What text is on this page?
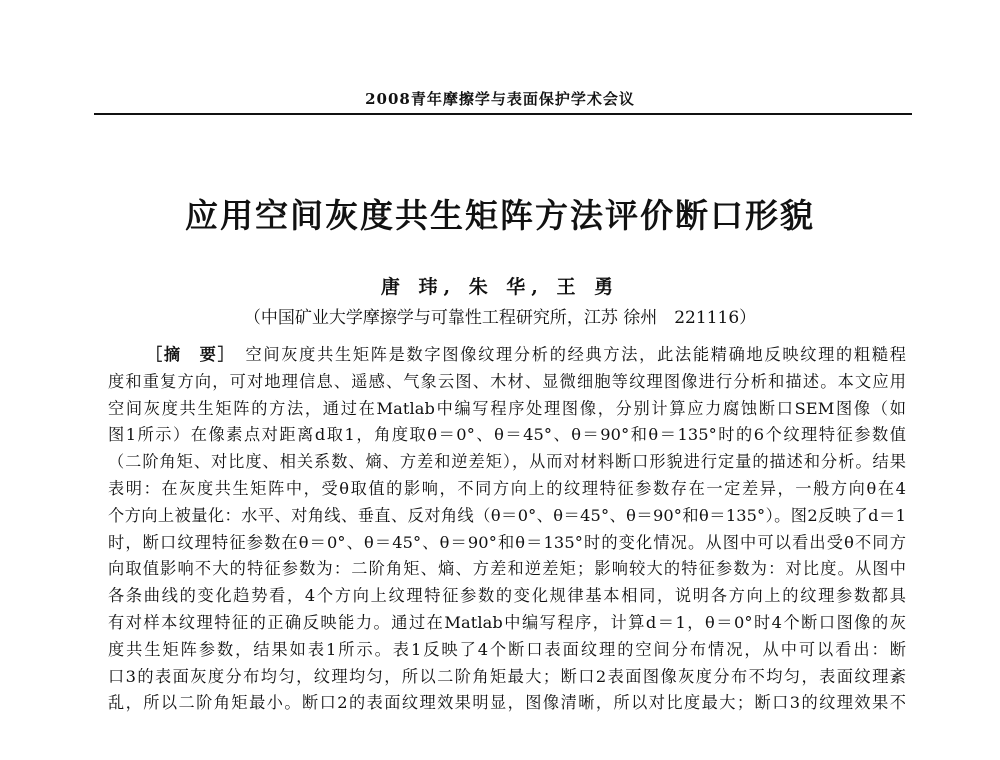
2008青年摩擦学与表面保护学术会议
应用空间灰度共生矩阵方法评价断口形貌
唐 玮, 朱 华, 王 勇
（中国矿业大学摩擦学与可靠性工程研究所，江苏 徐州　221116）
［摘　要］ 空间灰度共生矩阵是数字图像纹理分析的经典方法，此法能精确地反映纹理的粗糙程
度和重复方向，可对地理信息、遥感、气象云图、木材、显微细胞等纹理图像进行分析和描述。本文应用
空间灰度共生矩阵的方法，通过在Matlab中编写程序处理图像，分别计算应力腐蚀断口SEM图像（如
图1所示）在像素点对距离d取1，角度取θ＝0°、θ＝45°、θ＝90°和θ＝135°时的6个纹理特征参数值
（二阶角矩、对比度、相关系数、熵、方差和逆差矩），从而对材料断口形貌进行定量的描述和分析。结果
表明：在灰度共生矩阵中，受θ取值的影响，不同方向上的纹理特征参数存在一定差异，一般方向θ在4
个方向上被量化：水平、对角线、垂直、反对角线（θ＝0°、θ＝45°、θ＝90°和θ＝135°）。图2反映了d＝1
时，断口纹理特征参数在θ＝0°、θ＝45°、θ＝90°和θ＝135°时的变化情况。从图中可以看出受θ不同方
向取值影响不大的特征参数为：二阶角矩、熵、方差和逆差矩；影响较大的特征参数为：对比度。从图中
各条曲线的变化趋势看，4个方向上纹理特征参数的变化规律基本相同，说明各方向上的纹理参数都具
有对样本纹理特征的正确反映能力。通过在Matlab中编写程序，计算d＝1，θ＝0°时4个断口图像的灰
度共生矩阵参数，结果如表1所示。表1反映了4个断口表面纹理的空间分布情况，从中可以看出：断
口3的表面灰度分布均匀，纹理均匀，所以二阶角矩最大；断口2表面图像灰度分布不均匀，表面纹理紊
乱，所以二阶角矩最小。断口2的表面纹理效果明显，图像清晰，所以对比度最大；断口3的纹理效果不
